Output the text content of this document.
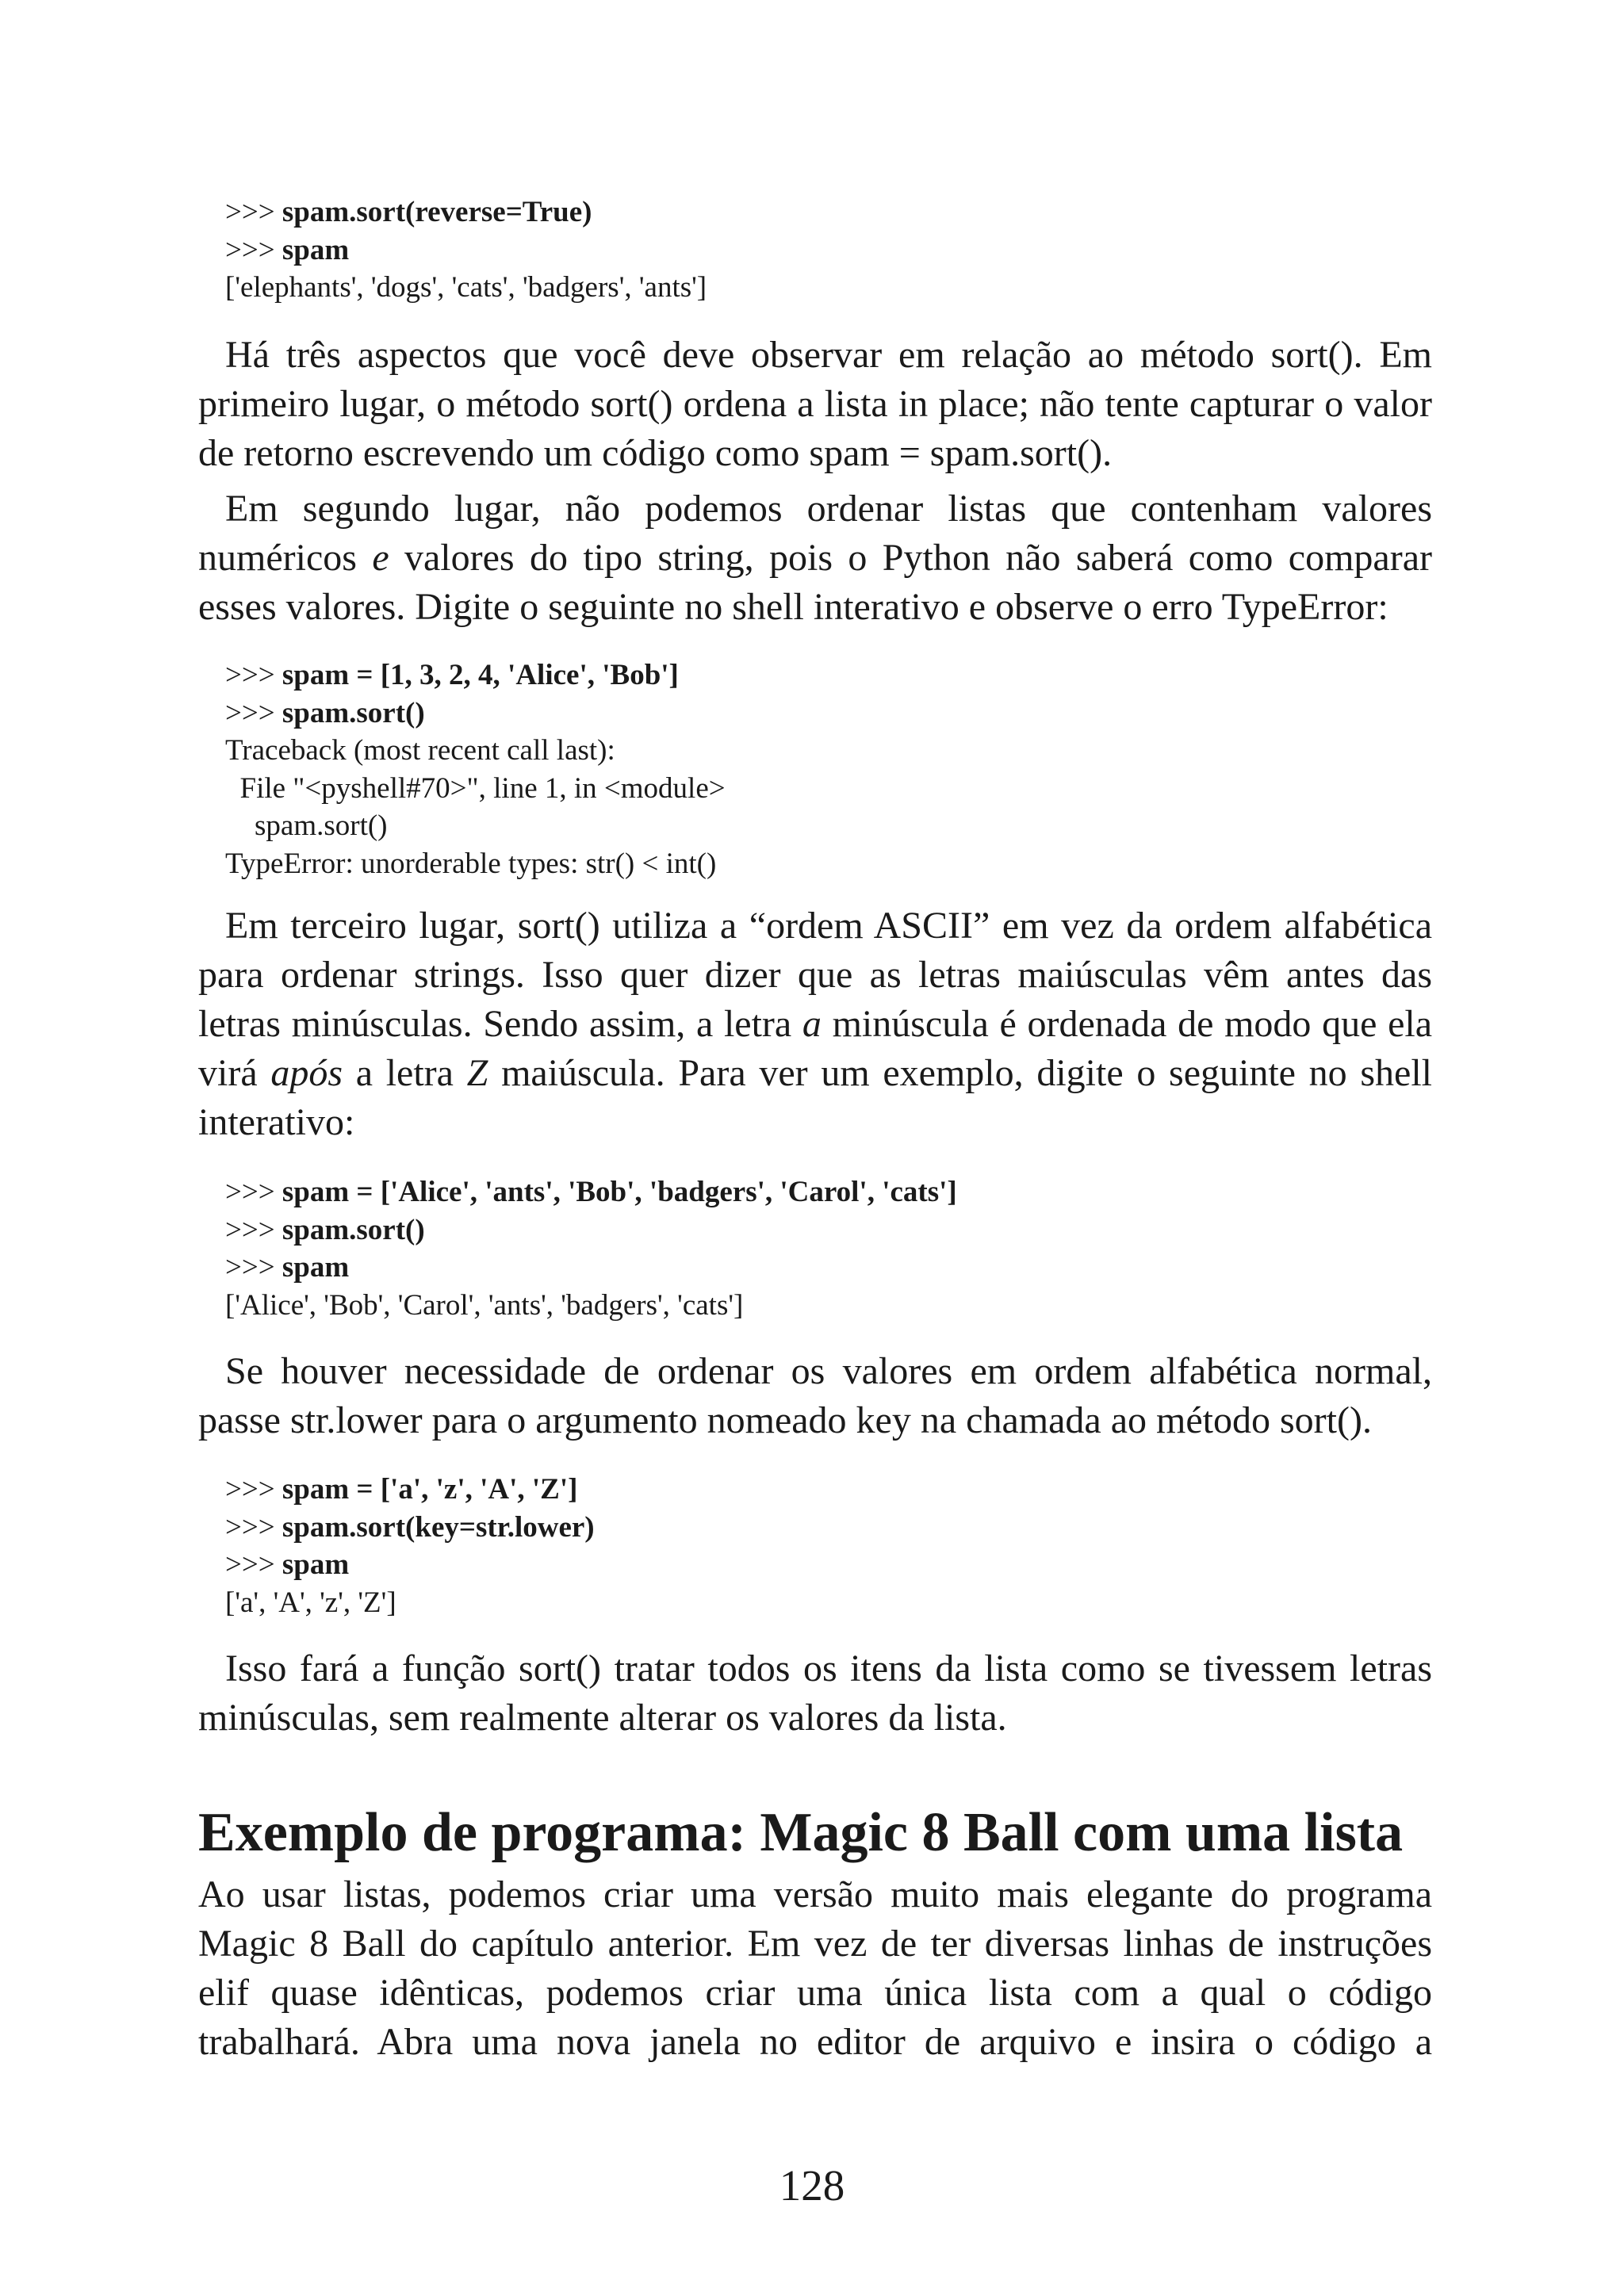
>>> spam.sort(reverse=True)
>>> spam
['elephants', 'dogs', 'cats', 'badgers', 'ants']
Há três aspectos que você deve observar em relação ao método sort(). Em primeiro lugar, o método sort() ordena a lista in place; não tente capturar o valor de retorno escrevendo um código como spam = spam.sort().
Em segundo lugar, não podemos ordenar listas que contenham valores numéricos e valores do tipo string, pois o Python não saberá como comparar esses valores. Digite o seguinte no shell interativo e observe o erro TypeError:
>>> spam = [1, 3, 2, 4, 'Alice', 'Bob']
>>> spam.sort()
Traceback (most recent call last):
File "<pyshell#70>", line 1, in <module>
spam.sort()
TypeError: unorderable types: str() < int()
Em terceiro lugar, sort() utiliza a “ordem ASCII” em vez da ordem alfabética para ordenar strings. Isso quer dizer que as letras maiúsculas vêm antes das letras minúsculas. Sendo assim, a letra a minúscula é ordenada de modo que ela virá após a letra Z maiúscula. Para ver um exemplo, digite o seguinte no shell interativo:
>>> spam = ['Alice', 'ants', 'Bob', 'badgers', 'Carol', 'cats']
>>> spam.sort()
>>> spam
['Alice', 'Bob', 'Carol', 'ants', 'badgers', 'cats']
Se houver necessidade de ordenar os valores em ordem alfabética normal, passe str.lower para o argumento nomeado key na chamada ao método sort().
>>> spam = ['a', 'z', 'A', 'Z']
>>> spam.sort(key=str.lower)
>>> spam
['a', 'A', 'z', 'Z']
Isso fará a função sort() tratar todos os itens da lista como se tivessem letras minúsculas, sem realmente alterar os valores da lista.
Exemplo de programa: Magic 8 Ball com uma lista
Ao usar listas, podemos criar uma versão muito mais elegante do programa Magic 8 Ball do capítulo anterior. Em vez de ter diversas linhas de instruções elif quase idênticas, podemos criar uma única lista com a qual o código trabalhará. Abra uma nova janela no editor de arquivo e insira o código a
128
